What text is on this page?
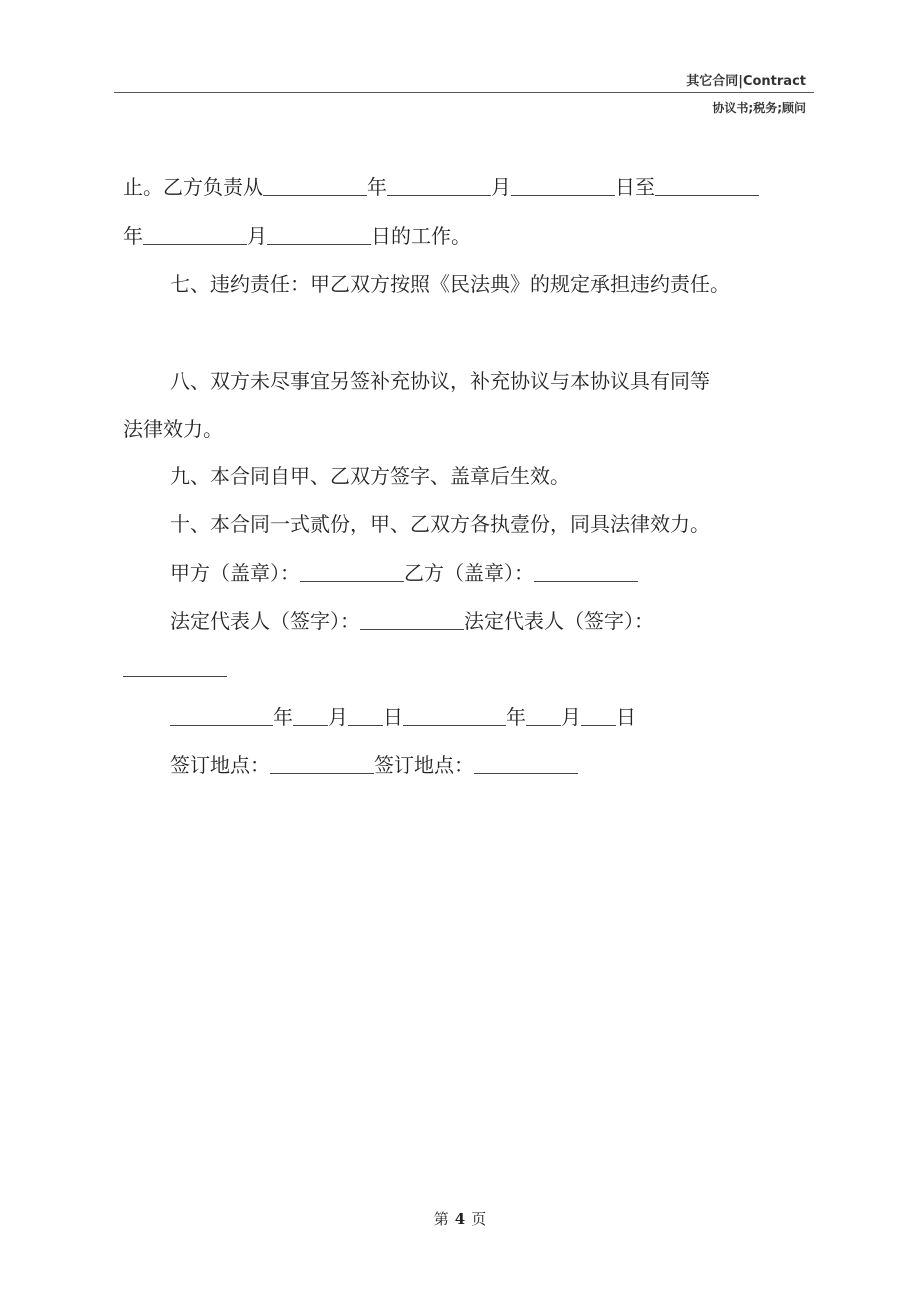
其它合同|Contract
协议书;税务;顾问
止。乙方负责从	年	月	日至
年	月	日的工作。
七、违约责任：甲乙双方按照《民法典》的规定承担违约责任。
八、双方未尽事宜另签补充协议，补充协议与本协议具有同等
法律效力。
九、本合同自甲、乙双方签字、盖章后生效。
十、本合同一式贰份，甲、乙双方各执壹份，同具法律效力。
甲方（盖章）：	乙方（盖章）：
法定代表人（签字）：	法定代表人（签字）：
年 月 日	年 月 日
签订地点：	签订地点：
第 4 页
